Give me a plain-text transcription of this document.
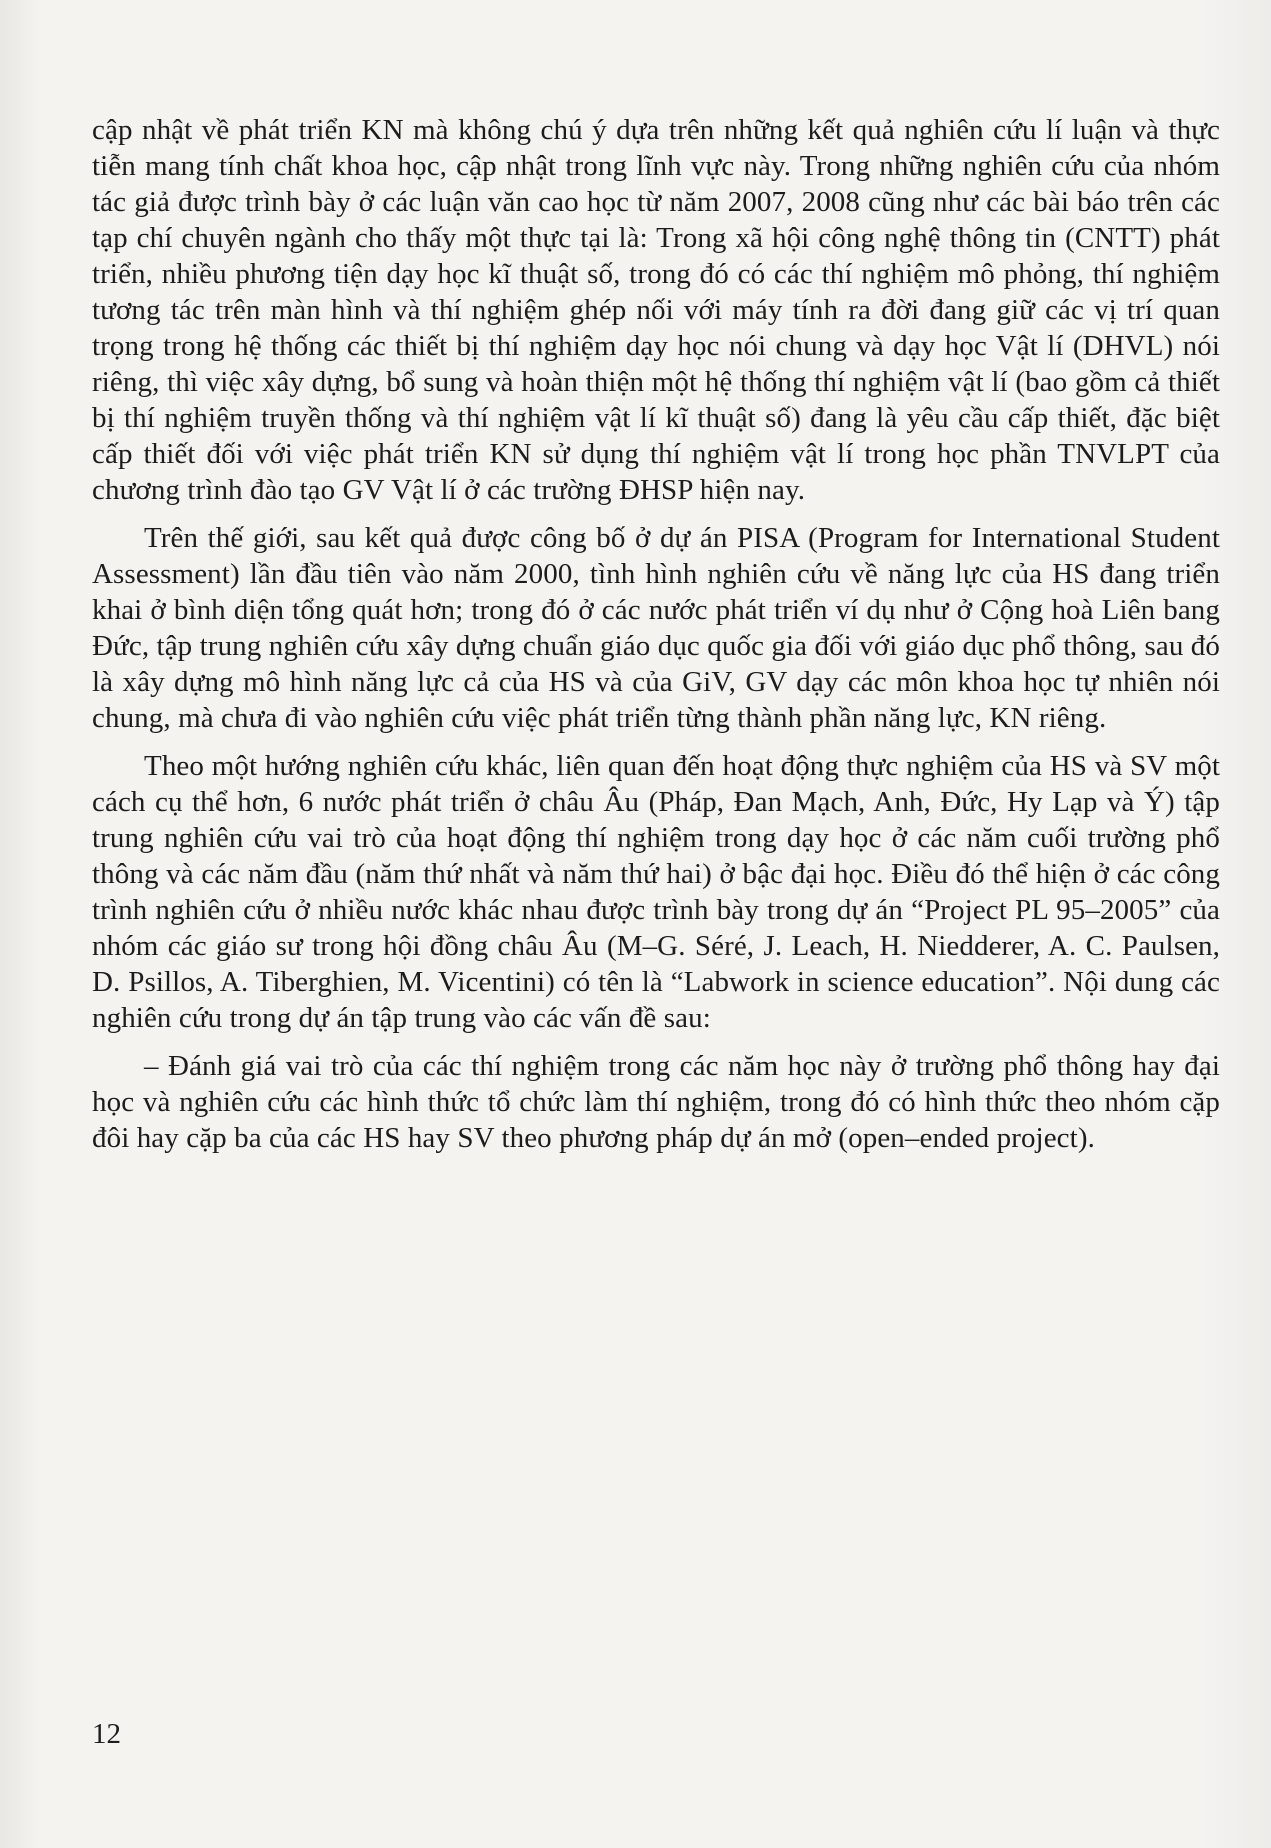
cập nhật về phát triển KN mà không chú ý dựa trên những kết quả nghiên cứu lí luận và thực tiễn mang tính chất khoa học, cập nhật trong lĩnh vực này. Trong những nghiên cứu của nhóm tác giả được trình bày ở các luận văn cao học từ năm 2007, 2008 cũng như các bài báo trên các tạp chí chuyên ngành cho thấy một thực tại là: Trong xã hội công nghệ thông tin (CNTT) phát triển, nhiều phương tiện dạy học kĩ thuật số, trong đó có các thí nghiệm mô phỏng, thí nghiệm tương tác trên màn hình và thí nghiệm ghép nối với máy tính ra đời đang giữ các vị trí quan trọng trong hệ thống các thiết bị thí nghiệm dạy học nói chung và dạy học Vật lí (DHVL) nói riêng, thì việc xây dựng, bổ sung và hoàn thiện một hệ thống thí nghiệm vật lí (bao gồm cả thiết bị thí nghiệm truyền thống và thí nghiệm vật lí kĩ thuật số) đang là yêu cầu cấp thiết, đặc biệt cấp thiết đối với việc phát triển KN sử dụng thí nghiệm vật lí trong học phần TNVLPT của chương trình đào tạo GV Vật lí ở các trường ĐHSP hiện nay.

Trên thế giới, sau kết quả được công bố ở dự án PISA (Program for International Student Assessment) lần đầu tiên vào năm 2000, tình hình nghiên cứu về năng lực của HS đang triển khai ở bình diện tổng quát hơn; trong đó ở các nước phát triển ví dụ như ở Cộng hoà Liên bang Đức, tập trung nghiên cứu xây dựng chuẩn giáo dục quốc gia đối với giáo dục phổ thông, sau đó là xây dựng mô hình năng lực cả của HS và của GiV, GV dạy các môn khoa học tự nhiên nói chung, mà chưa đi vào nghiên cứu việc phát triển từng thành phần năng lực, KN riêng.

Theo một hướng nghiên cứu khác, liên quan đến hoạt động thực nghiệm của HS và SV một cách cụ thể hơn, 6 nước phát triển ở châu Âu (Pháp, Đan Mạch, Anh, Đức, Hy Lạp và Ý) tập trung nghiên cứu vai trò của hoạt động thí nghiệm trong dạy học ở các năm cuối trường phổ thông và các năm đầu (năm thứ nhất và năm thứ hai) ở bậc đại học. Điều đó thể hiện ở các công trình nghiên cứu ở nhiều nước khác nhau được trình bày trong dự án “Project PL 95–2005” của nhóm các giáo sư trong hội đồng châu Âu (M–G. Séré, J. Leach, H. Niedderer, A. C. Paulsen, D. Psillos, A. Tiberghien, M. Vicentini) có tên là “Labwork in science education”. Nội dung các nghiên cứu trong dự án tập trung vào các vấn đề sau:

– Đánh giá vai trò của các thí nghiệm trong các năm học này ở trường phổ thông hay đại học và nghiên cứu các hình thức tổ chức làm thí nghiệm, trong đó có hình thức theo nhóm cặp đôi hay cặp ba của các HS hay SV theo phương pháp dự án mở (open–ended project).

12
